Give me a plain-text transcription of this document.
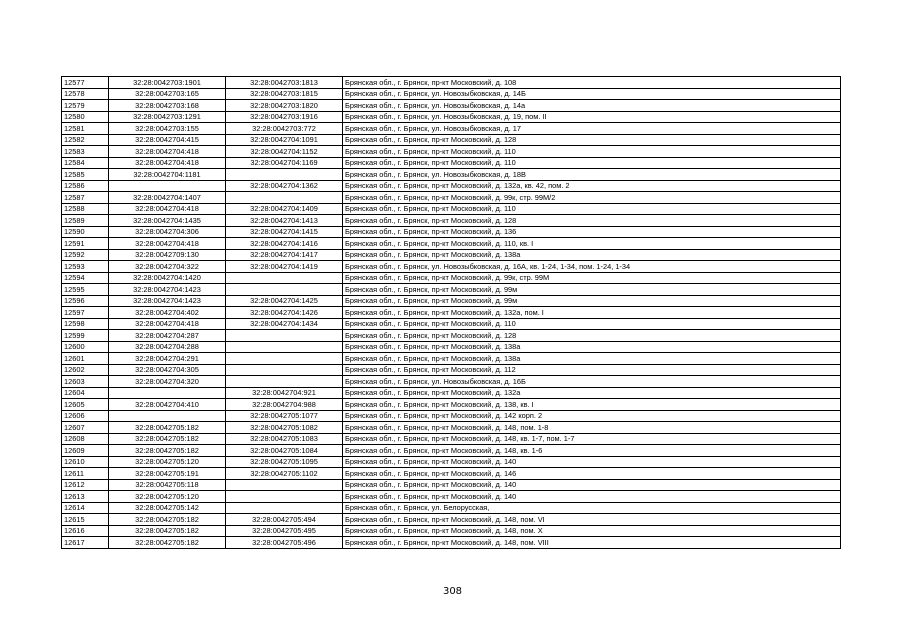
12577	32:28:0042703:1901	32:28:0042703:1813	Брянская обл., г. Брянск, пр-кт Московский, д. 108
12578	32:28:0042703:165	32:28:0042703:1815	Брянская обл., г. Брянск, ул. Новозыбковская, д. 14Б
12579	32:28:0042703:168	32:28:0042703:1820	Брянская обл., г. Брянск, ул. Новозыбковская, д. 14а
12580	32:28:0042703:1291	32:28:0042703:1916	Брянская обл., г. Брянск, ул. Новозыбковская, д. 19, пом. II
12581	32:28:0042703:155	32:28:0042703:772	Брянская обл., г. Брянск, ул. Новозыбковская, д. 17
12582	32:28:0042704:415	32:28:0042704:1091	Брянская обл., г. Брянск, пр-кт Московский, д. 128
12583	32:28:0042704:418	32:28:0042704:1152	Брянская обл., г. Брянск, пр-кт Московский, д. 110
12584	32:28:0042704:418	32:28:0042704:1169	Брянская обл., г. Брянск, пр-кт Московский, д. 110
12585	32:28:0042704:1181		Брянская обл., г. Брянск, ул. Новозыбковская, д. 18В
12586		32:28:0042704:1362	Брянская обл., г. Брянск, пр-кт Московский, д. 132а, кв. 42, пом. 2
12587	32:28:0042704:1407		Брянская обл., г. Брянск, пр-кт Московский, д. 99к, стр. 99М/2
12588	32:28:0042704:418	32:28:0042704:1409	Брянская обл., г. Брянск, пр-кт Московский, д. 110
12589	32:28:0042704:1435	32:28:0042704:1413	Брянская обл., г. Брянск, пр-кт Московский, д. 128
12590	32:28:0042704:306	32:28:0042704:1415	Брянская обл., г. Брянск, пр-кт Московский, д. 136
12591	32:28:0042704:418	32:28:0042704:1416	Брянская обл., г. Брянск, пр-кт Московский, д. 110, кв. I
12592	32:28:0042709:130	32:28:0042704:1417	Брянская обл., г. Брянск, пр-кт Московский, д. 138а
12593	32:28:0042704:322	32:28:0042704:1419	Брянская обл., г. Брянск, ул. Новозыбковская, д. 16А, кв. 1-24, 1-34, пом. 1-24, 1-34
12594	32:28:0042704:1420		Брянская обл., г. Брянск, пр-кт Московский, д. 99к, стр. 99М
12595	32:28:0042704:1423		Брянская обл., г. Брянск, пр-кт Московский, д. 99м
12596	32:28:0042704:1423	32:28:0042704:1425	Брянская обл., г. Брянск, пр-кт Московский, д. 99м
12597	32:28:0042704:402	32:28:0042704:1426	Брянская обл., г. Брянск, пр-кт Московский, д. 132а, пом. I
12598	32:28:0042704:418	32:28:0042704:1434	Брянская обл., г. Брянск, пр-кт Московский, д. 110
12599	32:28:0042704:287		Брянская обл., г. Брянск, пр-кт Московский, д. 128
12600	32:28:0042704:288		Брянская обл., г. Брянск, пр-кт Московский, д. 138а
12601	32:28:0042704:291		Брянская обл., г. Брянск, пр-кт Московский, д. 138а
12602	32:28:0042704:305		Брянская обл., г. Брянск, пр-кт Московский, д. 112
12603	32:28:0042704:320		Брянская обл., г. Брянск, ул. Новозыбковская, д. 16Б
12604		32:28:0042704:921	Брянская обл., г. Брянск, пр-кт Московский, д. 132а
12605	32:28:0042704:410	32:28:0042704:988	Брянская обл., г. Брянск, пр-кт Московский, д. 138, кв. I
12606		32:28:0042705:1077	Брянская обл., г. Брянск, пр-кт Московский, д. 142 корп. 2
12607	32:28:0042705:182	32:28:0042705:1082	Брянская обл., г. Брянск, пр-кт Московский, д. 148, пом. 1-8
12608	32:28:0042705:182	32:28:0042705:1083	Брянская обл., г. Брянск, пр-кт Московский, д. 148, кв. 1-7, пом. 1-7
12609	32:28:0042705:182	32:28:0042705:1084	Брянская обл., г. Брянск, пр-кт Московский, д. 148, кв. 1-6
12610	32:28:0042705:120	32:28:0042705:1095	Брянская обл., г. Брянск, пр-кт Московский, д. 140
12611	32:28:0042705:191	32:28:0042705:1102	Брянская обл., г. Брянск, пр-кт Московский, д. 146
12612	32:28:0042705:118		Брянская обл., г. Брянск, пр-кт Московский, д. 140
12613	32:28:0042705:120		Брянская обл., г. Брянск, пр-кт Московский, д. 140
12614	32:28:0042705:142		Брянская обл., г. Брянск, ул. Белорусская,
12615	32:28:0042705:182	32:28:0042705:494	Брянская обл., г. Брянск, пр-кт Московский, д. 148, пом. VI
12616	32:28:0042705:182	32:28:0042705:495	Брянская обл., г. Брянск, пр-кт Московский, д. 148, пом. X
12617	32:28:0042705:182	32:28:0042705:496	Брянская обл., г. Брянск, пр-кт Московский, д. 148, пом. VIII
308
